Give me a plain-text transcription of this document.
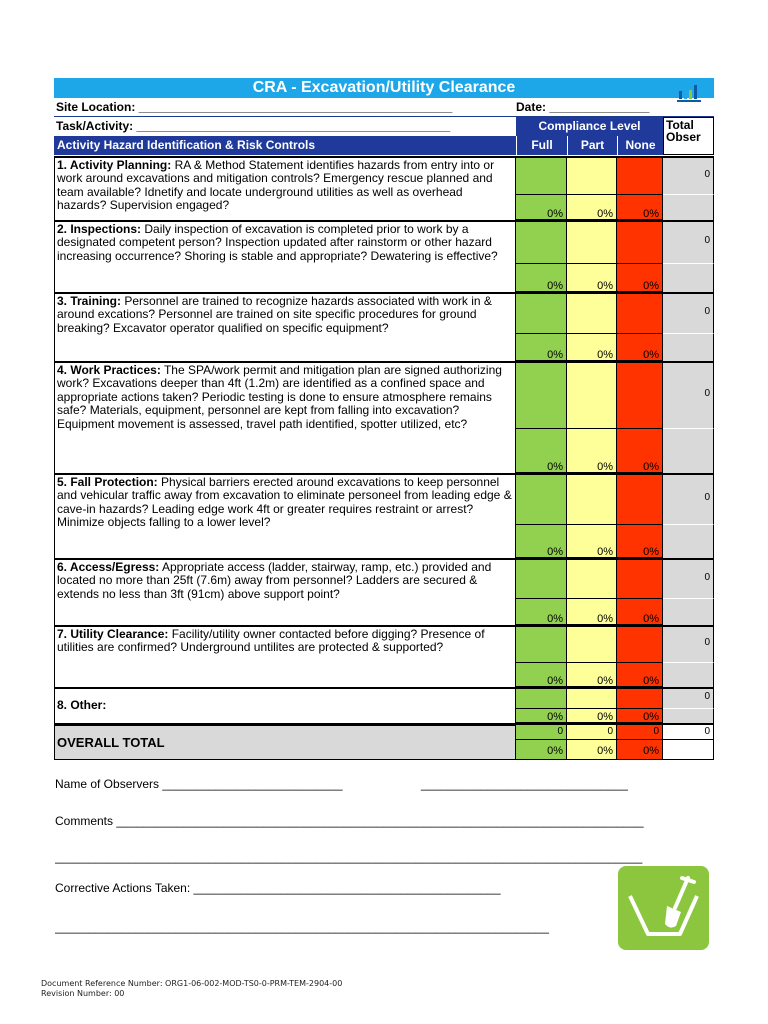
CRA - Excavation/Utility Clearance
Site Location: _______________________________________________	Date: _______________
Task/Activity: _______________________________________________	Compliance Level	Total Obser
Activity Hazard Identification & Risk Controls	Full	Part	None
1. Activity Planning: RA & Method Statement identifies hazards from entry into or work around excavations and mitigation controls? Emergency rescue planned and team available? Idnetify and locate underground utilities as well as overhead hazards? Supervision engaged?
0%	0%	0%
0
2. Inspections: Daily inspection of excavation is completed prior to work by a designated competent person? Inspection updated after rainstorm or other hazard increasing occurrence? Shoring is stable and appropriate? Dewatering is effective?
0%	0%	0%
0
3. Training: Personnel are trained to recognize hazards associated with work in & around excations? Personnel are trained on site specific procedures for ground breaking? Excavator operator qualified on specific equipment?
0%	0%	0%
0
4. Work Practices: The SPA/work permit and mitigation plan are signed authorizing work? Excavations deeper than 4ft (1.2m) are identified as a confined space and appropriate actions taken? Periodic testing is done to ensure atmosphere remains safe? Materials, equipment, personnel are kept from falling into excavation? Equipment movement is assessed, travel path identified, spotter utilized, etc?
0%	0%	0%
0
5. Fall Protection: Physical barriers erected around excavations to keep personnel and vehicular traffic away from excavation to eliminate personeel from leading edge & cave-in hazards? Leading edge work 4ft or greater requires restraint or arrest? Minimize objects falling to a lower level?
0%	0%	0%
0
6. Access/Egress: Appropriate access (ladder, stairway, ramp, etc.) provided and located no more than 25ft (7.6m) away from personnel? Ladders are secured & extends no less than 3ft (91cm) above support point?
0%	0%	0%
0
7. Utility Clearance: Facility/utility owner contacted before digging? Presence of utilities are confirmed? Underground untilites are protected & supported?
0%	0%	0%
0
8. Other:
0%	0%	0%
0
OVERALL TOTAL
0	0	0	0
0%	0%	0%
Name of Observers ___________________________	_______________________________
Comments _______________________________________________________________________________
________________________________________________________________________________________
Corrective Actions Taken: ______________________________________________
__________________________________________________________________________
Document Reference Number: ORG1-06-002-MOD-TS0-0-PRM-TEM-2904-00
Revision Number: 00
